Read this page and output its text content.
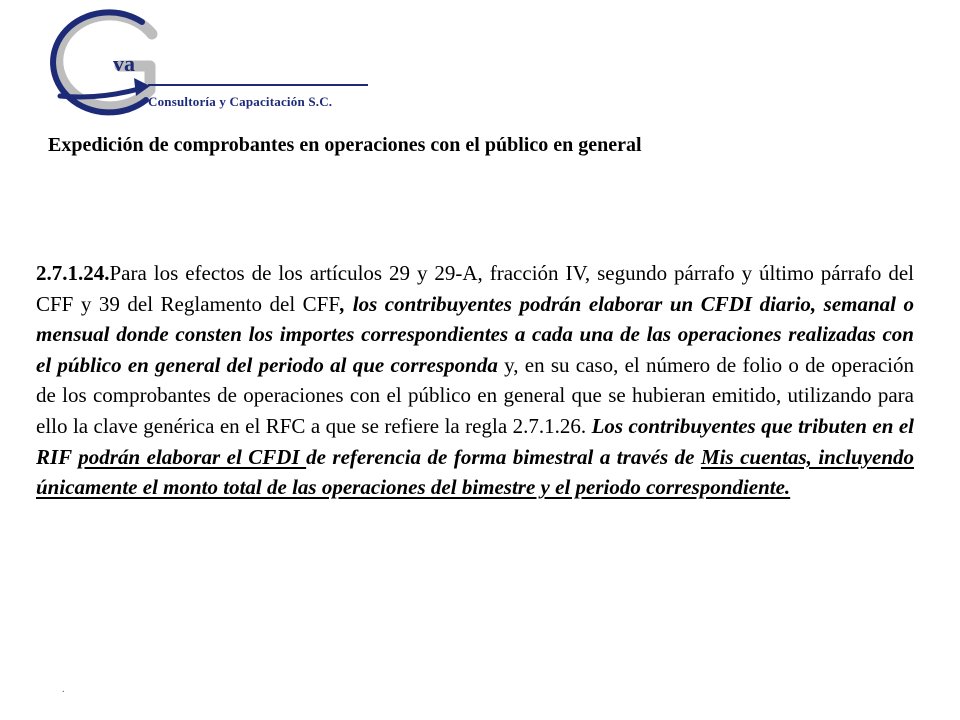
va
Consultoría y Capacitación S.C.
Expedición de comprobantes en operaciones con el público en general

2.7.1.24.Para los efectos de los artículos 29 y 29-A, fracción IV, segundo párrafo y último párrafo del CFF y 39 del Reglamento del CFF, los contribuyentes podrán elaborar un CFDI diario, semanal o mensual donde consten los importes correspondientes a cada una de las operaciones realizadas con el público en general del periodo al que corresponda y, en su caso, el número de folio o de operación de los comprobantes de operaciones con el público en general que se hubieran emitido, utilizando para ello la clave genérica en el RFC a que se refiere la regla 2.7.1.26. Los contribuyentes que tributen en el RIF podrán elaborar el CFDI de referencia de forma bimestral a través de Mis cuentas, incluyendo únicamente el monto total de las operaciones del bimestre y el periodo correspondiente.

.
